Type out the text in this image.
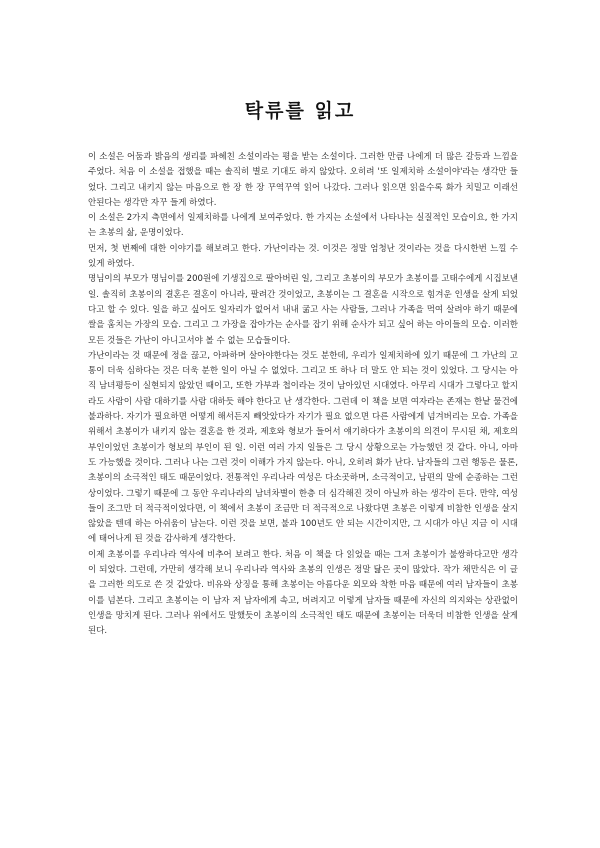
탁류를 읽고

이 소설은 어둠과 밝음의 생리를 파헤친 소설이라는 평을 받는 소설이다. 그러한 만큼 나에게 더 많은 갈등과 느낌을 주었다. 처음 이 소설을 접했을 때는 솔직히 별로 기대도 하지 않았다. 오히려 '또 일제치하 소설이야'라는 생각만 들었다. 그리고 내키지 않는 마음으로 한 장 한 장 꾸역꾸역 읽어 나갔다. 그러나 읽으면 읽을수록 화가 치밀고 이래선 안된다는 생각만 자꾸 들게 하였다.

이 소설은 2가지 측면에서 일제치하를 나에게 보여주었다. 한 가지는 소설에서 나타나는 실질적인 모습이요, 한 가지는 초봉의 삶, 운명이었다.

먼저, 첫 번째에 대한 이야기를 해보려고 한다. 가난이라는 것. 이것은 정말 엄청난 것이라는 것을 다시한번 느낄 수 있게 하였다.

명님이의 부모가 명님이를 200원에 기생집으로 팔아버린 일, 그리고 초봉이의 부모가 초봉이를 고태수에게 시집보낸 일. 솔직히 초봉이의 결혼은 결혼이 아니라, 팔려간 것이었고, 초봉이는 그 결혼을 시작으로 힘겨운 인생을 살게 되었다고 할 수 있다. 일을 하고 싶어도 일자리가 없어서 내내 굶고 사는 사람들, 그러나 가족을 먹여 살려야 하기 때문에 쌀을 훔치는 가장의 모습. 그리고 그 가장을 잡아가는 순사를 잡기 위해 순사가 되고 싶어 하는 아이들의 모습. 이러한 모든 것들은 가난이 아니고서야 볼 수 없는 모습들이다.

가난이라는 것 때문에 정을 끊고, 아파하며 살아야한다는 것도 분한데, 우리가 일제치하에 있기 때문에 그 가난의 고통이 더욱 심하다는 것은 더욱 분한 일이 아닐 수 없었다. 그리고 또 하나 더 말도 안 되는 것이 있었다. 그 당시는 아직 남녀평등이 실현되지 않았던 때이고, 또한 가부과 첩이라는 것이 남아있던 시대였다. 아무리 시대가 그렇다고 할지라도 사람이 사람 대하기를 사람 대하듯 해야 한다고 난 생각한다. 그런데 이 책을 보면 여자라는 존재는 한낱 물건에 불과하다. 자기가 필요하면 어떻게 해서든지 빼앗았다가 자기가 필요 없으면 다른 사람에게 넘겨버리는 모습. 가족을 위해서 초봉이가 내키지 않는 결혼을 한 것과, 제호와 형보가 들어서 얘기하다가 초봉이의 의견이 무시된 채, 제호의 부인이었던 초봉이가 형보의 부인이 된 일. 이런 여러 가지 일들은 그 당시 상황으로는 가능했던 것 같다. 아니, 아마도 가능했을 것이다. 그러나 나는 그런 것이 이해가 가지 않는다. 아니, 오히려 화가 난다. 남자들의 그런 행동은 물론, 초봉이의 소극적인 태도 때문이었다. 전통적인 우리나라 여성은 다소곳하며, 소극적이고, 남편의 말에 순종하는 그런 상이었다. 그렇기 때문에 그 동안 우리나라의 남녀차별이 한층 더 심각해진 것이 아닐까 하는 생각이 든다. 만약, 여성들이 조그만 더 적극적이었다면, 이 책에서 초봉이 조금만 더 적극적으로 나왔다면 초봉은 이렇게 비참한 인생을 살지 않았을 텐데 하는 아쉬움이 남는다. 이런 것을 보면, 불과 100년도 안 되는 시간이지만, 그 시대가 아닌 지금 이 시대에 태어나게 된 것을 감사하게 생각한다.

이제 초봉이를 우리나라 역사에 비추어 보려고 한다. 처음 이 책을 다 읽었을 때는 그저 초봉이가 불쌍하다고만 생각이 되었다. 그런데, 가만히 생각해 보니 우리나라 역사와 초봉의 인생은 정말 닮은 곳이 많았다. 작가 채만식은 이 글을 그러한 의도로 쓴 것 같았다. 비유와 상징을 통해 초봉이는 아름다운 외모와 착한 마음 때문에 여러 남자들이 초봉이를 넘본다. 그리고 초봉이는 이 남자 저 남자에게 속고, 버려지고 이렇게 남자들 때문에 자신의 의지와는 상관없이 인생을 망치게 된다. 그러나 위에서도 말했듯이 초봉이의 소극적인 태도 때문에 초봉이는 더욱더 비참한 인생을 살게 된다.
